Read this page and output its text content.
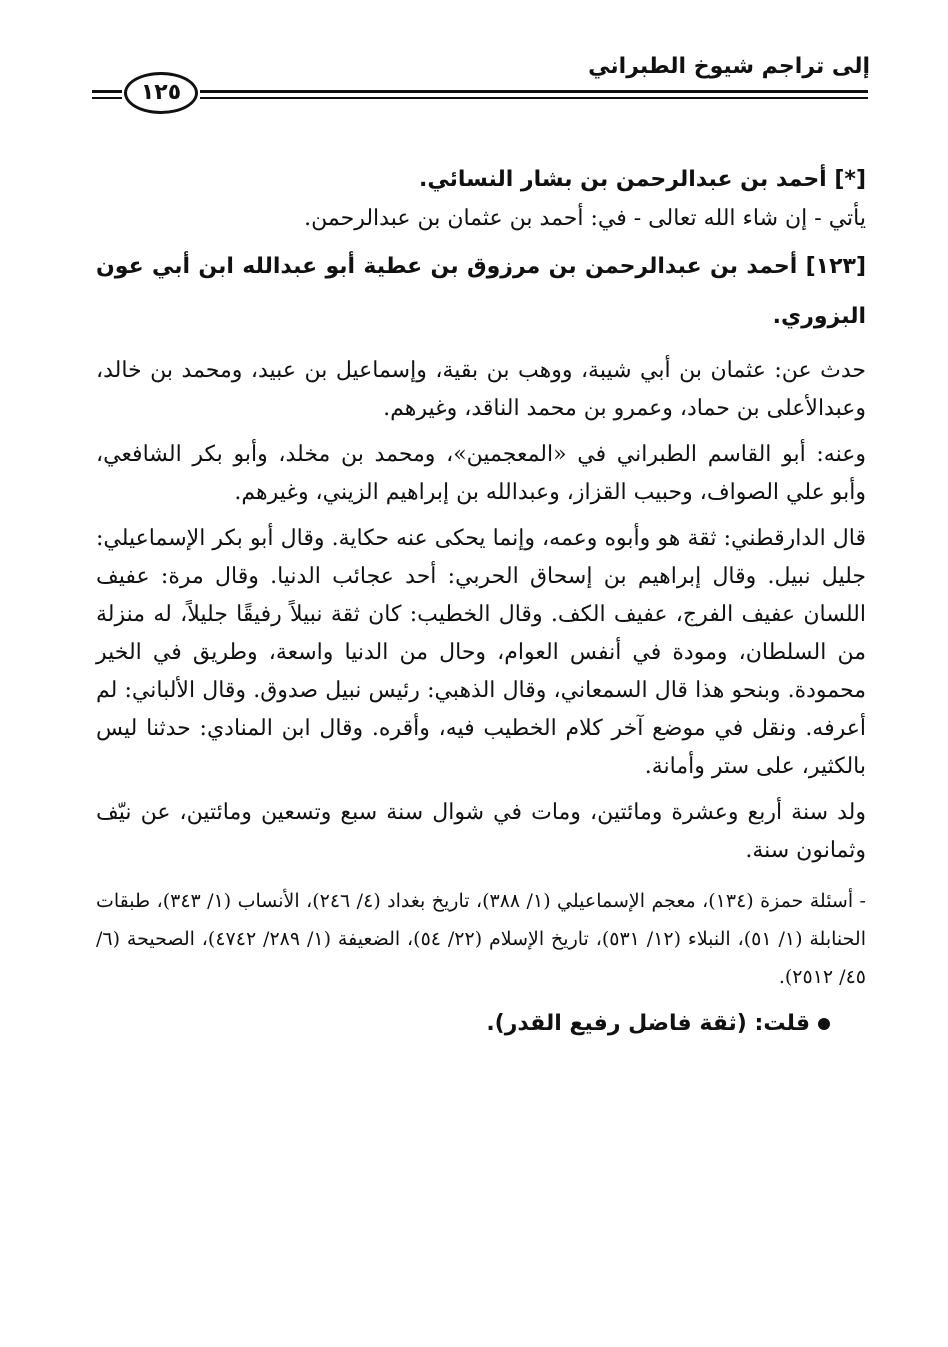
إلى تراجم شيوخ الطبراني
١٢٥

[*] أحمد بن عبدالرحمن بن بشار النسائي.

يأتي - إن شاء الله تعالى - في: أحمد بن عثمان بن عبدالرحمن.

[١٢٣] أحمد بن عبدالرحمن بن مرزوق بن عطية أبو عبدالله ابن أبي عون البزوري.

حدث عن: عثمان بن أبي شيبة، ووهب بن بقية، وإسماعيل بن عبيد، ومحمد بن خالد، وعبدالأعلى بن حماد، وعمرو بن محمد الناقد، وغيرهم.

وعنه: أبو القاسم الطبراني في «المعجمين»، ومحمد بن مخلد، وأبو بكر الشافعي، وأبو علي الصواف، وحبيب القزاز، وعبدالله بن إبراهيم الزيني، وغيرهم.

قال الدارقطني: ثقة هو وأبوه وعمه، وإنما يحكى عنه حكاية. وقال أبو بكر الإسماعيلي: جليل نبيل. وقال إبراهيم بن إسحاق الحربي: أحد عجائب الدنيا. وقال مرة: عفيف اللسان عفيف الفرج، عفيف الكف. وقال الخطيب: كان ثقة نبيلاً رفيقًا جليلاً، له منزلة من السلطان، ومودة في أنفس العوام، وحال من الدنيا واسعة، وطريق في الخير محمودة. وبنحو هذا قال السمعاني، وقال الذهبي: رئيس نبيل صدوق. وقال الألباني: لم أعرفه. ونقل في موضع آخر كلام الخطيب فيه، وأقره. وقال ابن المنادي: حدثنا ليس بالكثير، على ستر وأمانة.

ولد سنة أربع وعشرة ومائتين، ومات في شوال سنة سبع وتسعين ومائتين، عن نيّف وثمانون سنة.

- أسئلة حمزة (١٣٤)، معجم الإسماعيلي (١/ ٣٨٨)، تاريخ بغداد (٤/ ٢٤٦)، الأنساب (١/ ٣٤٣)، طبقات الحنابلة (١/ ٥١)، النبلاء (١٢/ ٥٣١)، تاريخ الإسلام (٢٢/ ٥٤)، الضعيفة (١/ ٢٨٩/ ٤٧٤٢)، الصحيحة (٦/ ٤٥/ ٢٥١٢).

قلت: (ثقة فاضل رفيع القدر).
